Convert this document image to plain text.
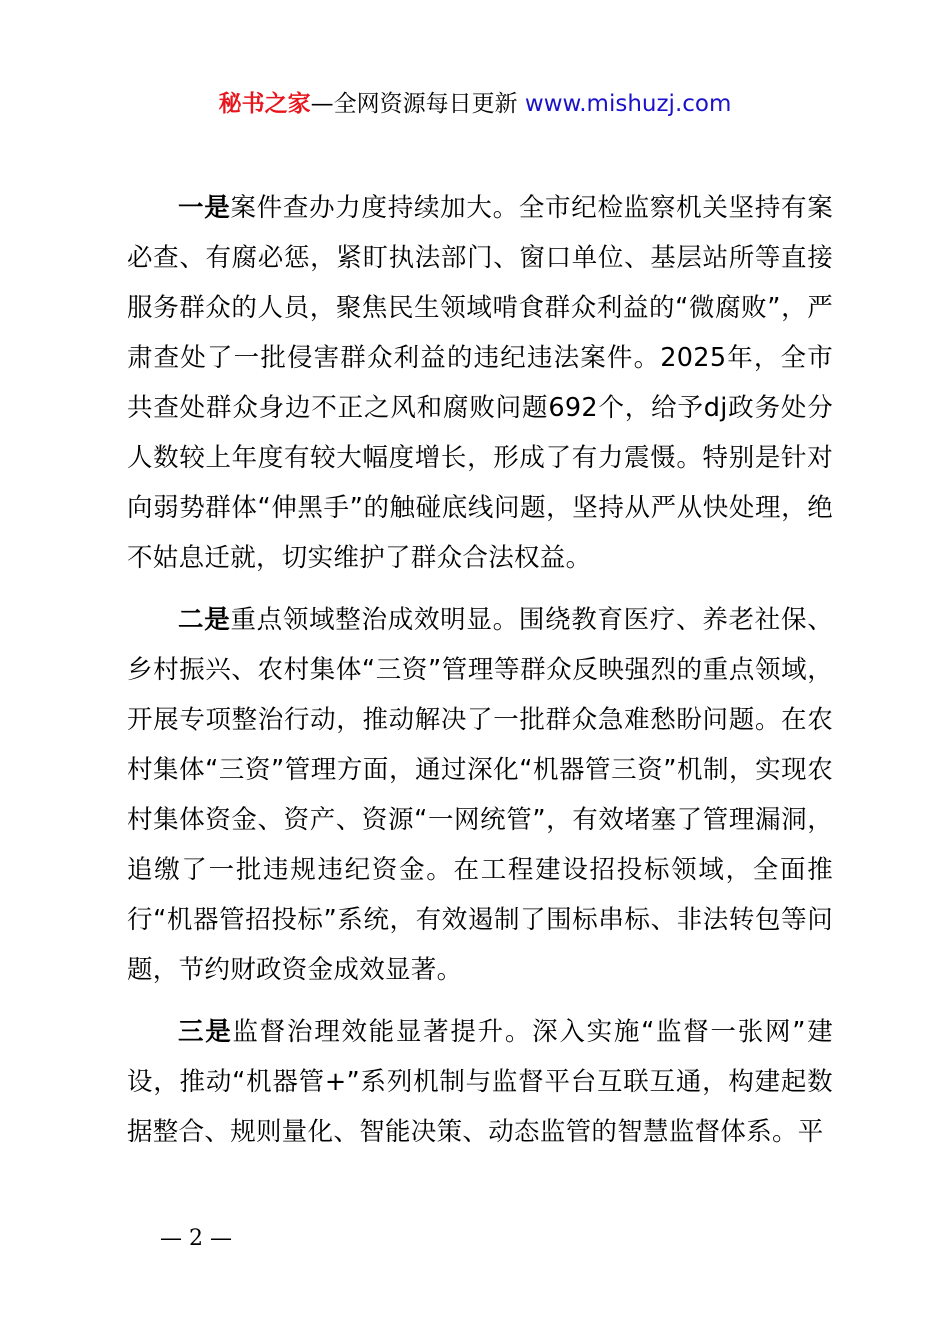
秘书之家—全网资源每日更新 www.mishuzj.com

一是案件查办力度持续加大。全市纪检监察机关坚持有案必查、有腐必惩，紧盯执法部门、窗口单位、基层站所等直接服务群众的人员，聚焦民生领域啃食群众利益的“微腐败”，严肃查处了一批侵害群众利益的违纪违法案件。2025年，全市共查处群众身边不正之风和腐败问题692个，给予dj政务处分人数较上年度有较大幅度增长，形成了有力震慑。特别是针对向弱势群体“伸黑手”的触碰底线问题，坚持从严从快处理，绝不姑息迁就，切实维护了群众合法权益。

二是重点领域整治成效明显。围绕教育医疗、养老社保、乡村振兴、农村集体“三资”管理等群众反映强烈的重点领域，开展专项整治行动，推动解决了一批群众急难愁盼问题。在农村集体“三资”管理方面，通过深化“机器管三资”机制，实现农村集体资金、资产、资源“一网统管”，有效堵塞了管理漏洞，追缴了一批违规违纪资金。在工程建设招投标领域，全面推行“机器管招投标”系统，有效遏制了围标串标、非法转包等问题，节约财政资金成效显著。

三是监督治理效能显著提升。深入实施“监督一张网”建设，推动“机器管+”系列机制与监督平台互联互通，构建起数据整合、规则量化、智能决策、动态监管的智慧监督体系。平

— 2 —
